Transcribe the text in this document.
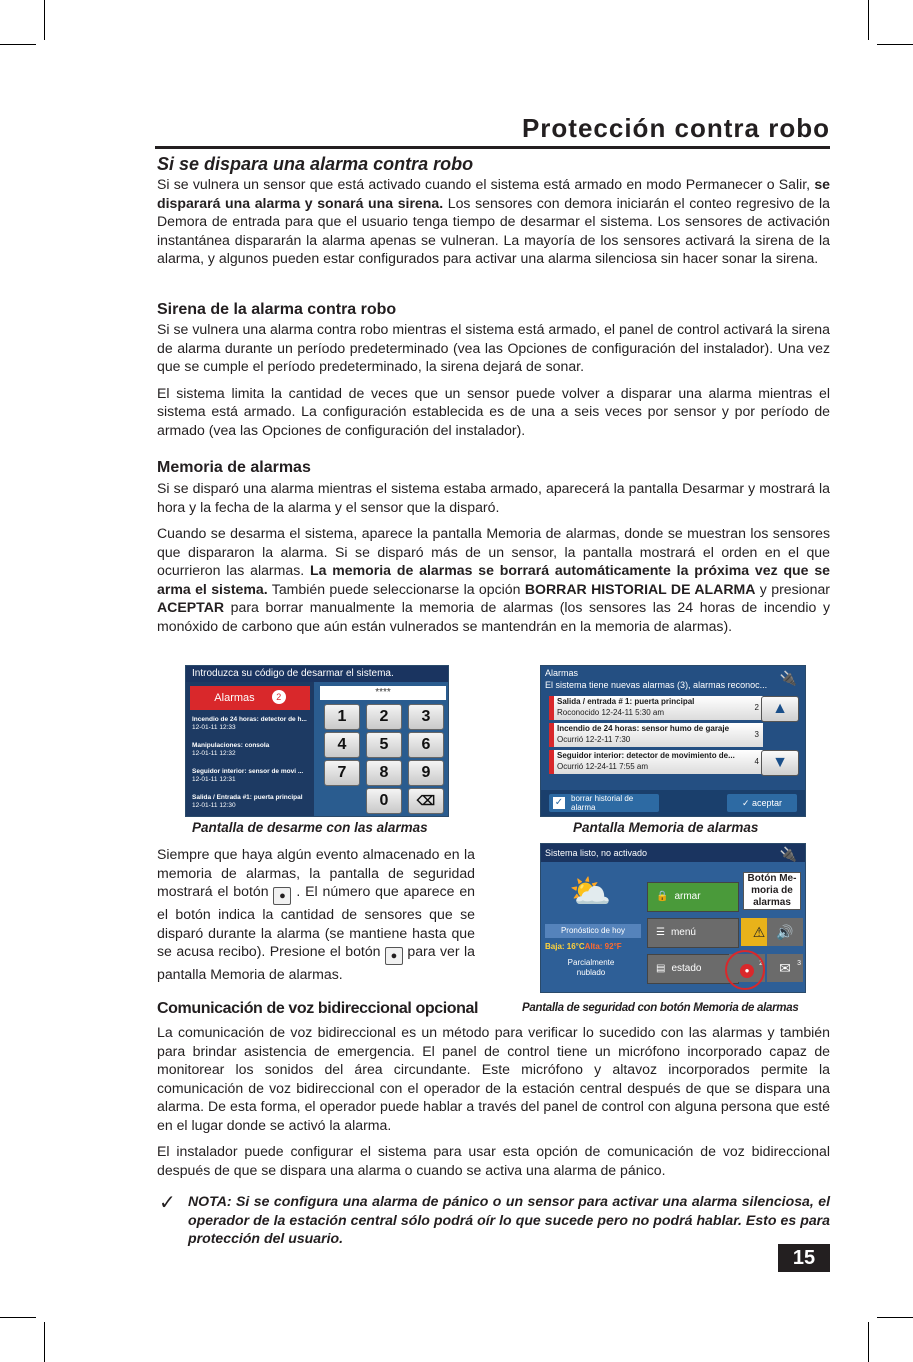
Protección contra robo
Si se dispara una alarma contra robo

Si se vulnera un sensor que está activado cuando el sistema está armado en modo Permanecer o Salir, se disparará una alarma y sonará una sirena. Los sensores con demora iniciarán el conteo regresivo de la Demora de entrada para que el usuario tenga tiempo de desarmar el sistema. Los sensores de activación instantánea dispararán la alarma apenas se vulneran. La mayoría de los sensores activará la sirena de la alarma, y algunos pueden estar configurados para activar una alarma silenciosa sin hacer sonar la sirena.

Sirena de la alarma contra robo

Si se vulnera una alarma contra robo mientras el sistema está armado, el panel de control activará la sirena de alarma durante un período predeterminado (vea las Opciones de configuración del instalador). Una vez que se cumple el período predeterminado, la sirena dejará de sonar.

El sistema limita la cantidad de veces que un sensor puede volver a disparar una alarma mientras el sistema está armado. La configuración establecida es de una a seis veces por sensor y por período de armado (vea las Opciones de configuración del instalador).

Memoria de alarmas

Si se disparó una alarma mientras el sistema estaba armado, aparecerá la pantalla Desarmar y mostrará la hora y la fecha de la alarma y el sensor que la disparó.

Cuando se desarma el sistema, aparece la pantalla Memoria de alarmas, donde se muestran los sensores que dispararon la alarma. Si se disparó más de un sensor, la pantalla mostrará el orden en el que ocurrieron las alarmas. La memoria de alarmas se borrará automáticamente la próxima vez que se arma el sistema. También puede seleccionarse la opción BORRAR HISTORIAL DE ALARMA y presionar ACEPTAR para borrar manualmente la memoria de alarmas (los sensores las 24 horas de incendio y monóxido de carbono que aún están vulnerados se mantendrán en la memoria de alarmas).

Introduzca su código de desarmar el sistema.
Alarmas 2
Incendio de 24 horas: detector de h...
12-01-11 12:33
Manipulaciones: consola
12-01-11 12:32
Seguidor interior: sensor de movi ...
12-01-11 12:31
Salida / Entrada #1: puerta principal
12-01-11 12:30
****
1	2	3
4	5	6
7	8	9
0	⌫
Pantalla de desarme con las alarmas
Alarmas
El sistema tiene nuevas alarmas (3), alarmas reconoc... 🔌
Salida / entrada # 1: puerta principal
Roconocido 12-24-11 5:30 am
2
Incendio de 24 horas: sensor humo de garaje
Ocurrió 12-2-11 7:30
3
Seguidor interior: detector de movimiento de...
Ocurrió 12-24-11 7:55 am
4
▲
▼
✓ borrar historial de alarma	✓ aceptar
Pantalla Memoria de alarmas

Siempre que haya algún evento almacenado en la memoria de alarmas, la pantalla de seguridad mostrará el botón ● . El número que aparece en el botón indica la cantidad de sensores que se disparó durante la alarma (se mantiene hasta que se acusa recibo). Presione el botón ● para ver la pantalla Memoria de alarmas.

Sistema listo, no activado	🔌
⛅
Pronóstico de hoy
Baja: 16°CAlta: 92°F
Parcialmente nublado
🔒 armar
☰ menú
▤ estado
⚠ 🔊
●
2	✉ 3
Botón Me-moria de alarmas
Pantalla de seguridad con botón Memoria de alarmas
Comunicación de voz bidireccional opcional

La comunicación de voz bidireccional es un método para verificar lo sucedido con las alarmas y también para brindar asistencia de emergencia. El panel de control tiene un micrófono incorporado capaz de monitorear los sonidos del área circundante. Este micrófono y altavoz incorporados permite la comunicación de voz bidireccional con el operador de la estación central después de que se dispara una alarma. De esta forma, el operador puede hablar a través del panel de control con alguna persona que esté en el lugar donde se activó la alarma.

El instalador puede configurar el sistema para usar esta opción de comunicación de voz bidireccional después de que se dispara una alarma o cuando se activa una alarma de pánico.

✓ NOTA: Si se configura una alarma de pánico o un sensor para activar una alarma silenciosa, el operador de la estación central sólo podrá oír lo que sucede pero no podrá hablar. Esto es para protección del usuario.

15
